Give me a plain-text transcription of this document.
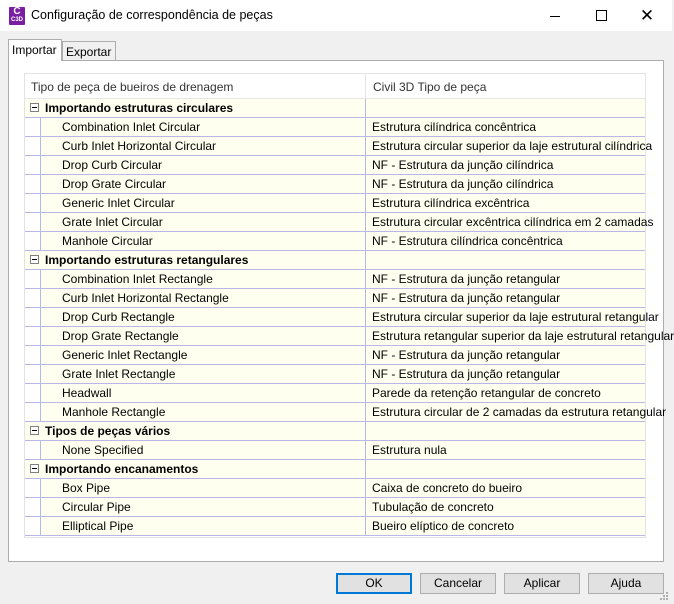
C
C3D Configuração de correspondência de peças	✕
Importar Exportar
Tipo de peça de bueiros de drenagem	Civil 3D Tipo de peça
Importando estruturas circulares
Combination Inlet Circular	Estrutura cilíndrica concêntrica
Curb Inlet Horizontal Circular	Estrutura circular superior da laje estrutural cilíndrica
Drop Curb Circular	NF - Estrutura da junção cilíndrica
Drop Grate Circular	NF - Estrutura da junção cilíndrica
Generic Inlet Circular	Estrutura cilíndrica excêntrica
Grate Inlet Circular	Estrutura circular excêntrica cilíndrica em 2 camadas
Manhole Circular	NF - Estrutura cilíndrica concêntrica
Importando estruturas retangulares
Combination Inlet Rectangle	NF - Estrutura da junção retangular
Curb Inlet Horizontal Rectangle	NF - Estrutura da junção retangular
Drop Curb Rectangle	Estrutura circular superior da laje estrutural retangular
Drop Grate Rectangle	Estrutura retangular superior da laje estrutural retangular
Generic Inlet Rectangle	NF - Estrutura da junção retangular
Grate Inlet Rectangle	NF - Estrutura da junção retangular
Headwall	Parede da retenção retangular de concreto
Manhole Rectangle	Estrutura circular de 2 camadas da estrutura retangular
Tipos de peças vários
None Specified	Estrutura nula
Importando encanamentos
Box Pipe	Caixa de concreto do bueiro
Circular Pipe	Tubulação de concreto
Elliptical Pipe	Bueiro elíptico de concreto
OK	Cancelar	Aplicar	Ajuda
